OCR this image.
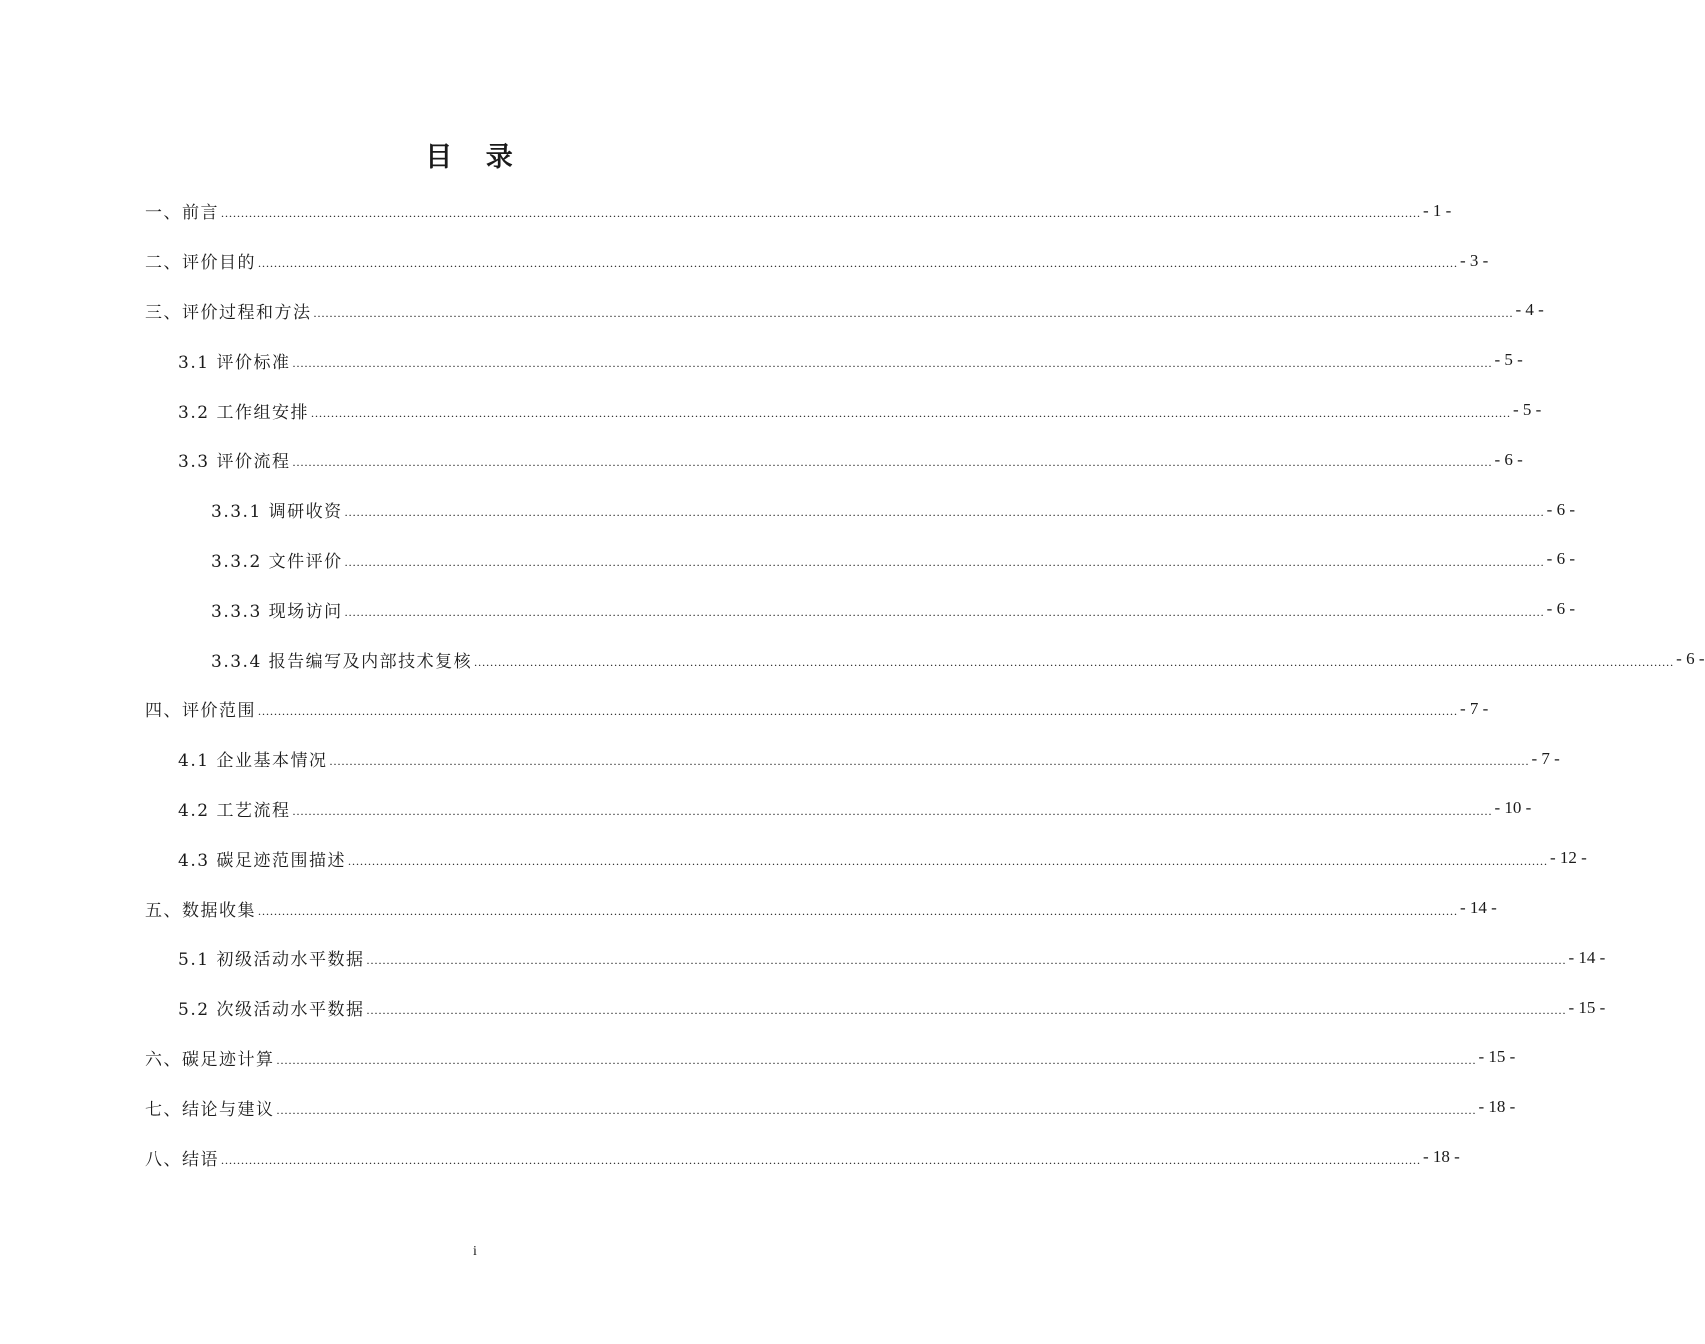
目 录
一、前言 ............................................................................................................................................................................................................................................................................................................ - 1 -
二、评价目的 ............................................................................................................................................................................................................................................................................................................ - 3 -
三、评价过程和方法 ............................................................................................................................................................................................................................................................................................................ - 4 -
3.1 评价标准 ............................................................................................................................................................................................................................................................................................................ - 5 -
3.2 工作组安排 ............................................................................................................................................................................................................................................................................................................ - 5 -
3.3 评价流程 ............................................................................................................................................................................................................................................................................................................ - 6 -
3.3.1 调研收资 ............................................................................................................................................................................................................................................................................................................ - 6 -
3.3.2 文件评价 ............................................................................................................................................................................................................................................................................................................ - 6 -
3.3.3 现场访问 ............................................................................................................................................................................................................................................................................................................ - 6 -
3.3.4 报告编写及内部技术复核 ............................................................................................................................................................................................................................................................................................................ - 6 -
四、评价范围 ............................................................................................................................................................................................................................................................................................................ - 7 -
4.1 企业基本情况 ............................................................................................................................................................................................................................................................................................................ - 7 -
4.2 工艺流程 ............................................................................................................................................................................................................................................................................................................ - 10 -
4.3 碳足迹范围描述 ............................................................................................................................................................................................................................................................................................................ - 12 -
五、数据收集 ............................................................................................................................................................................................................................................................................................................ - 14 -
5.1 初级活动水平数据 ............................................................................................................................................................................................................................................................................................................ - 14 -
5.2 次级活动水平数据 ............................................................................................................................................................................................................................................................................................................ - 15 -
六、碳足迹计算 ............................................................................................................................................................................................................................................................................................................ - 15 -
七、结论与建议 ............................................................................................................................................................................................................................................................................................................ - 18 -
八、结语 ............................................................................................................................................................................................................................................................................................................ - 18 -
i
